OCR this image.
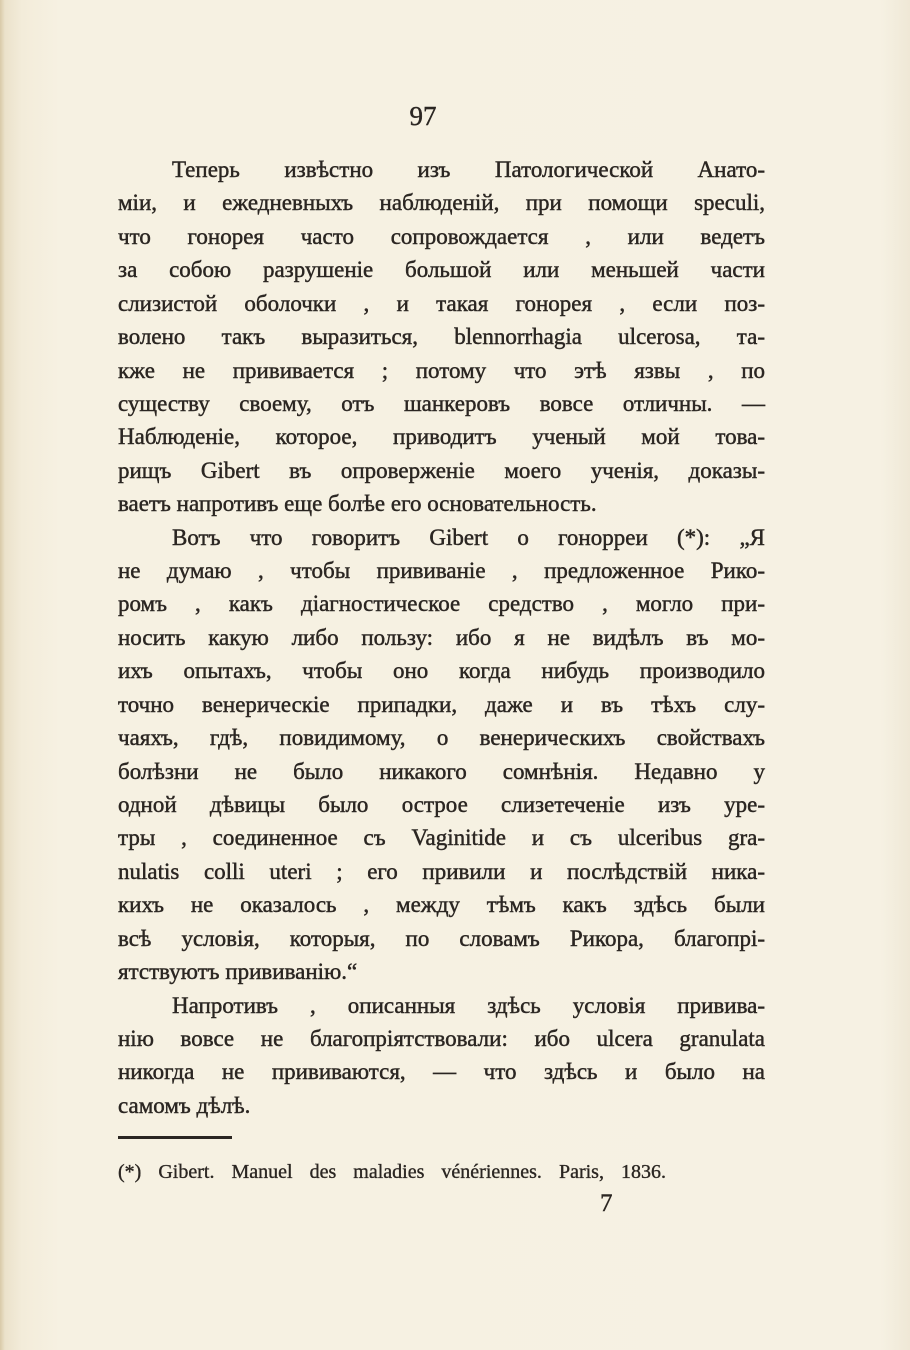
97
Теперь извѣстно изъ Патологической Анато-
міи, и ежедневныхъ наблюденій, при помощи speculi,
что гонорея часто сопровождается , или ведетъ
за собою разрушеніе большой или меньшей части
слизистой оболочки , и такая гонорея , если поз-
волено такъ выразиться, blennorrhagia ulcerosa, та-
кже не прививается ; потому что этѣ язвы , по
существу своему, отъ шанкеровъ вовсе отличны. —
Наблюденіе, которое, приводитъ ученый мой това-
рищъ Gibert въ опроверженіе моего ученія, доказы-
ваетъ напротивъ еще болѣе его основательность.
Вотъ что говоритъ Gibert о гонорреи (*): „Я
не думаю , чтобы прививаніе , предложенное Рико-
ромъ , какъ діагностическое средство , могло при-
носить какую либо пользу: ибо я не видѣлъ въ мо-
ихъ опытахъ, чтобы оно когда нибудь производило
точно венерическіе припадки, даже и въ тѣхъ слу-
чаяхъ, гдѣ, повидимому, о венерическихъ свойствахъ
болѣзни не было никакого сомнѣнія. Недавно у
одной дѣвицы было острое слизетеченіе изъ уре-
тры , соединенное съ Vaginitide и съ ulceribus gra-
nulatis colli uteri ; его привили и послѣдствій ника-
кихъ не оказалось , между тѣмъ какъ здѣсь были
всѣ условія, которыя, по словамъ Рикора, благопрі-
ятствуютъ прививанію.“
Напротивъ , описанныя здѣсь условія привива-
нію вовсе не благопріятствовали: ибо ulcera granulata
никогда не прививаются, — что здѣсь и было на
самомъ дѣлѣ.
(*) Gibert. Manuel des maladies vénériennes. Paris, 1836.
7
